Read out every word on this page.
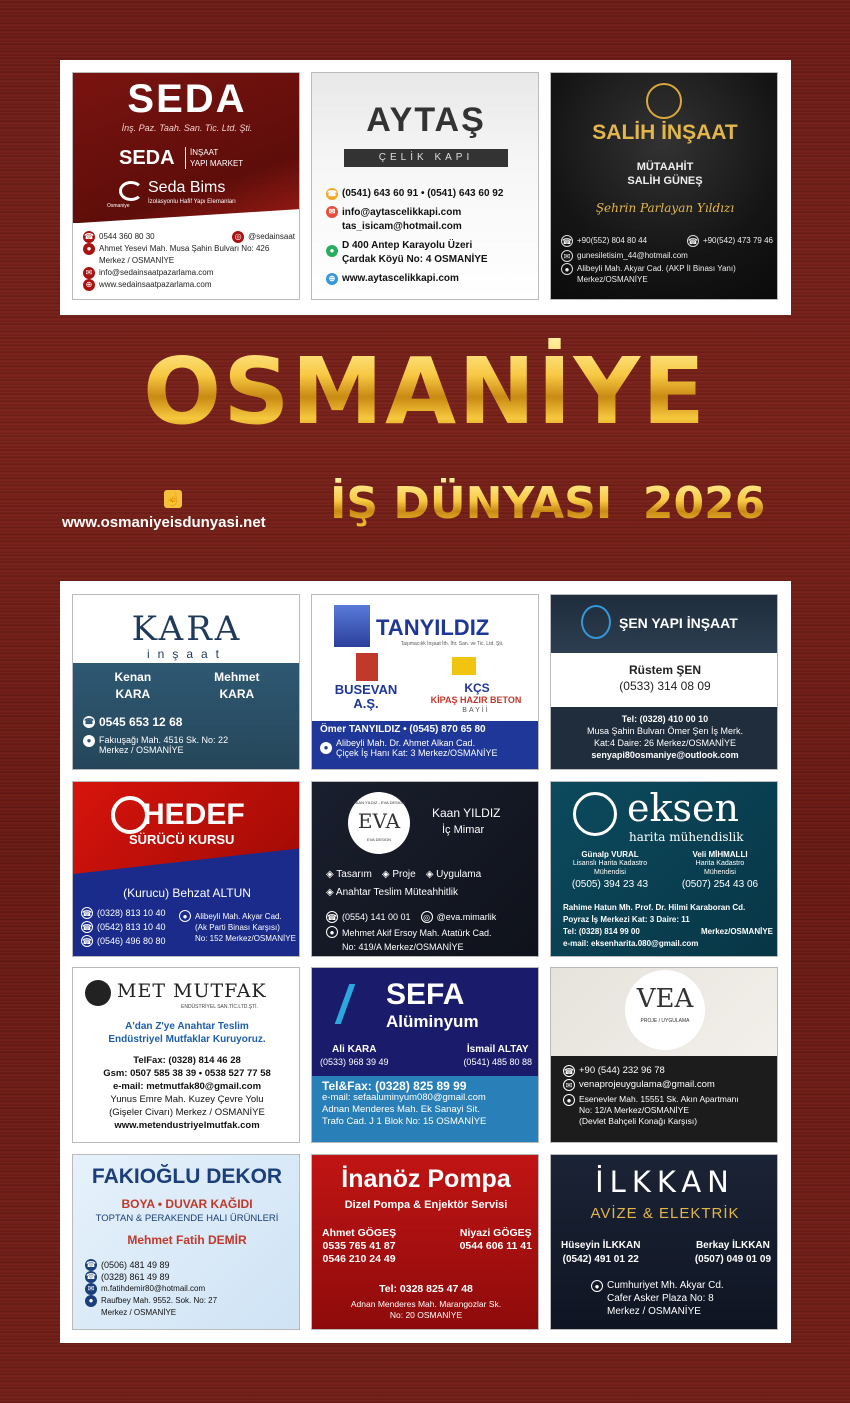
SEDA
İnş. Paz. Taah. San. Tic. Ltd. Şti.
SEDA İNŞAAT
YAPI MARKET
Seda Bims
İzolasyonlu Hafif Yapı Elemanları
Osmaniye
☎ 0544 360 80 30	◎ @sedainsaat
● Ahmet Yesevi Mah. Musa Şahin Bulvarı No: 426 Merkez / OSMANİYE
✉ info@sedainsaatpazarlama.com
⊕ www.sedainsaatpazarlama.com
AYTAŞ
ÇELİK KAPI
☎ (0541) 643 60 91 • (0541) 643 60 92
✉ info@aytascelikkapi.com
tas_isicam@hotmail.com
● D 400 Antep Karayolu Üzeri
Çardak Köyü No: 4 OSMANİYE
⊕ www.aytascelikkapi.com
SALİH İNŞAAT
MÜTAAHİT
SALİH GÜNEŞ
Şehrin Parlayan Yıldızı
☎ +90(552) 804 80 44	☎ +90(542) 473 79 46
✉ gunesiletisim_44@hotmail.com
● Alibeyli Mah. Akyar Cad. (AKP İl Binası Yanı) Merkez/OSMANİYE
OSMANİYE
☝
www.osmaniyeisdunyasi.net İŞ DÜNYASI  2026
KARA
inşaat
Kenan
KARA
Mehmet
KARA
☎ 0545 653 12 68
● Fakıuşağı Mah. 4516 Sk. No: 22
Merkez / OSMANİYE
TANYILDIZ
Taşımacılık İnşaat İth. İhr. San. ve Tic. Ltd. Şti.
BUSEVAN A.Ş.
KÇS
KİPAŞ HAZIR BETON
BAYİİ
Ömer TANYILDIZ • (0545) 870 65 80
● Alibeyli Mah. Dr. Ahmet Alkan Cad.
Çiçek İş Hanı Kat: 3 Merkez/OSMANİYE
ŞEN YAPI İNŞAAT
Rüstem ŞEN
(0533) 314 08 09
Tel: (0328) 410 00 10
Musa Şahin Bulvarı Ömer Şen İş Merk.
Kat:4 Daire: 26 Merkez/OSMANİYE
senyapi80osmaniye@outlook.com
HEDEF
SÜRÜCÜ KURSU
(Kurucu) Behzat ALTUN
☎ (0328) 813 10 40
☎ (0542) 813 10 40
☎ (0546) 496 80 80
● Alibeyli Mah. Akyar Cad.
(Ak Parti Binası Karşısı)
No: 152 Merkez/OSMANİYE
KAAN YILDIZ - EVA DESIGN
EVA
EVA DESIGN
Kaan YILDIZ
İç Mimar
◈ Tasarım ◈ Proje ◈ Uygulama
◈ Anahtar Teslim Müteahhitlik
☎ (0554) 141 00 01	◎ @eva.mimarlik
● Mehmet Akif Ersoy Mah. Atatürk Cad.
No: 419/A Merkez/OSMANİYE
eksen
harita mühendislik
Günalp VURAL
Lisanslı Harita Kadastro
Mühendisi
(0505) 394 23 43
Veli MİHMALLI
Harita Kadastro
Mühendisi
(0507) 254 43 06
Rahime Hatun Mh. Prof. Dr. Hilmi Karaboran Cd.
Poyraz İş Merkezi Kat: 3 Daire: 11
Tel: (0328) 814 99 00	Merkez/OSMANİYE
e-mail: eksenharita.080@gmail.com
MET MUTFAK
ENDÜSTRİYEL SAN.TİC.LTD.ŞTİ.
A'dan Z'ye Anahtar Teslim
Endüstriyel Mutfaklar Kuruyoruz.
TelFax: (0328) 814 46 28
Gsm: 0507 585 38 39 • 0538 527 77 58
e-mail: metmutfak80@gmail.com
Yunus Emre Mah. Kuzey Çevre Yolu
(Gişeler Civarı) Merkez / OSMANİYE
www.metendustriyelmutfak.com
SEFA
Alüminyum
Ali KARA
(0533) 968 39 49
İsmail ALTAY
(0541) 485 80 88
Tel&Fax: (0328) 825 89 99
e-mail: sefaaluminyum080@gmail.com
Adnan Menderes Mah. Ek Sanayi Sit.
Trafo Cad. J 1 Blok No: 15 OSMANİYE
VEA
PROJE / UYGULAMA
☎ +90 (544) 232 96 78
✉ venaprojeuygulama@gmail.com
● Esenevler Mah. 15551 Sk. Akın Apartmanı
No: 12/A Merkez/OSMANİYE
(Devlet Bahçeli Konağı Karşısı)
FAKIOĞLU DEKOR
BOYA • DUVAR KAĞIDI
TOPTAN & PERAKENDE HALI ÜRÜNLERİ
Mehmet Fatih DEMİR
☎ (0506) 481 49 89
☎ (0328) 861 49 89
✉ m.fatihdemir80@hotmail.com
● Raufbey Mah. 9552. Sok. No: 27
Merkez / OSMANİYE
İnanöz Pompa
Dizel Pompa & Enjektör Servisi
Ahmet GÖGEŞ
0535 765 41 87
0546 210 24 49
Niyazi GÖGEŞ
0544 606 11 41
Tel: 0328 825 47 48
Adnan Menderes Mah. Marangozlar Sk.
No: 20 OSMANİYE
İLKKAN
AVİZE & ELEKTRİK
Hüseyin İLKKAN
(0542) 491 01 22
Berkay İLKKAN
(0507) 049 01 09
● Cumhuriyet Mh. Akyar Cd.
Cafer Asker Plaza No: 8
Merkez / OSMANİYE
